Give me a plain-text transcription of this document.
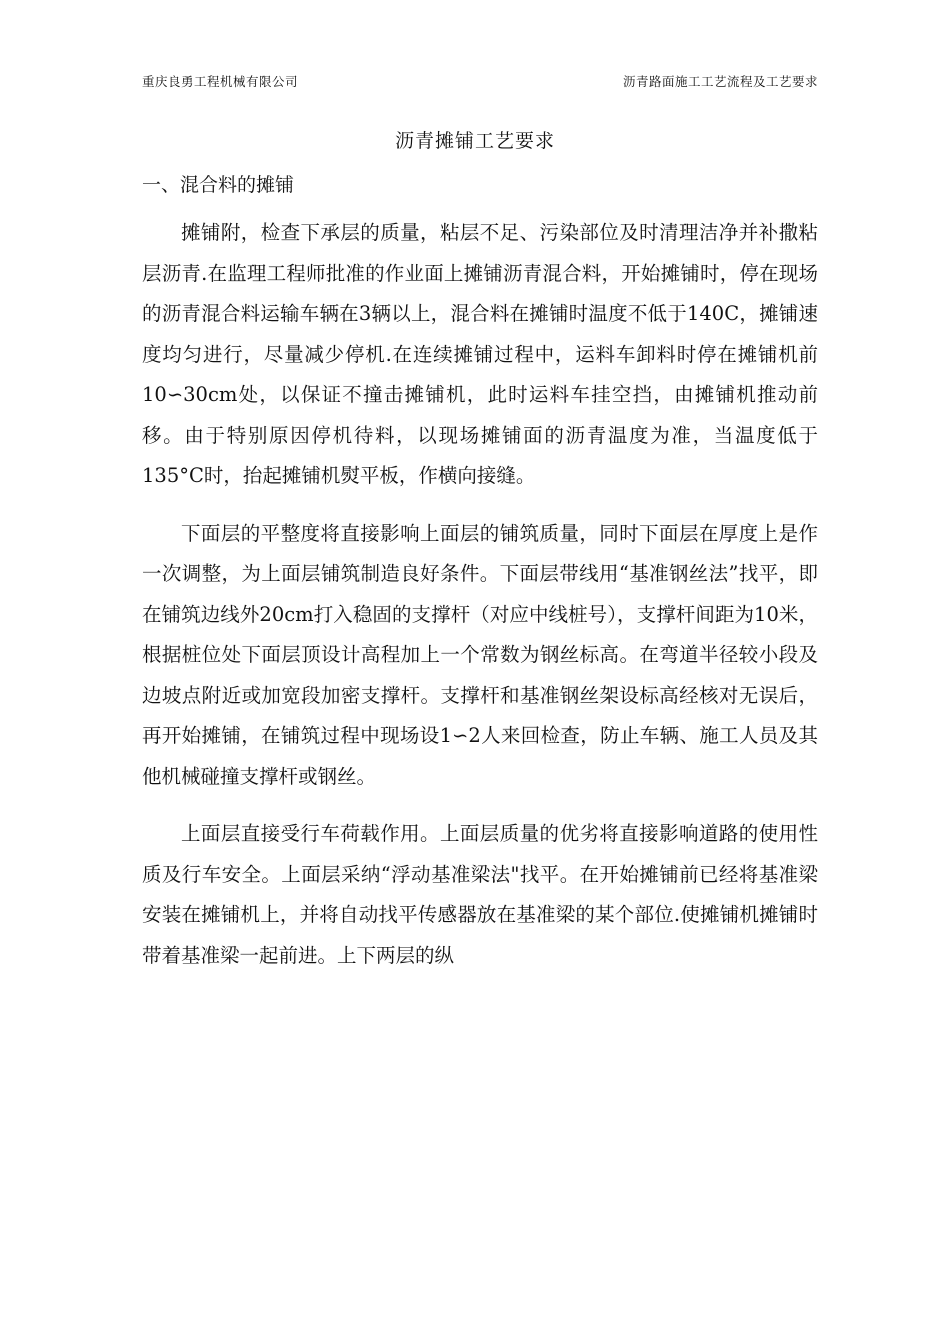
重庆良勇工程机械有限公司	沥青路面施工工艺流程及工艺要求
沥青摊铺工艺要求
一、混合料的摊铺

摊铺附，检查下承层的质量，粘层不足、污染部位及时清理洁净并补撒粘层沥青.在监理工程师批准的作业面上摊铺沥青混合料，开始摊铺时，停在现场的沥青混合料运输车辆在3辆以上，混合料在摊铺时温度不低于140C，摊铺速度均匀进行，尽量减少停机.在连续摊铺过程中，运料车卸料时停在摊铺机前10∽30cm处，以保证不撞击摊铺机，此时运料车挂空挡，由摊铺机推动前移。由于特别原因停机待料，以现场摊铺面的沥青温度为准，当温度低于135°C时，抬起摊铺机熨平板，作横向接缝。

下面层的平整度将直接影响上面层的铺筑质量，同时下面层在厚度上是作一次调整，为上面层铺筑制造良好条件。下面层带线用“基准钢丝法”找平，即在铺筑边线外20cm打入稳固的支撑杆（对应中线桩号），支撑杆间距为10米，根据桩位处下面层顶设计高程加上一个常数为钢丝标高。在弯道半径较小段及边坡点附近或加宽段加密支撑杆。支撑杆和基准钢丝架设标高经核对无误后，再开始摊铺，在铺筑过程中现场设1∽2人来回检查，防止车辆、施工人员及其他机械碰撞支撑杆或钢丝。

上面层直接受行车荷载作用。上面层质量的优劣将直接影响道路的使用性质及行车安全。上面层采纳“浮动基准梁法"找平。在开始摊铺前已经将基准梁安装在摊铺机上，并将自动找平传感器放在基准梁的某个部位.使摊铺机摊铺时带着基准梁一起前进。上下两层的纵
